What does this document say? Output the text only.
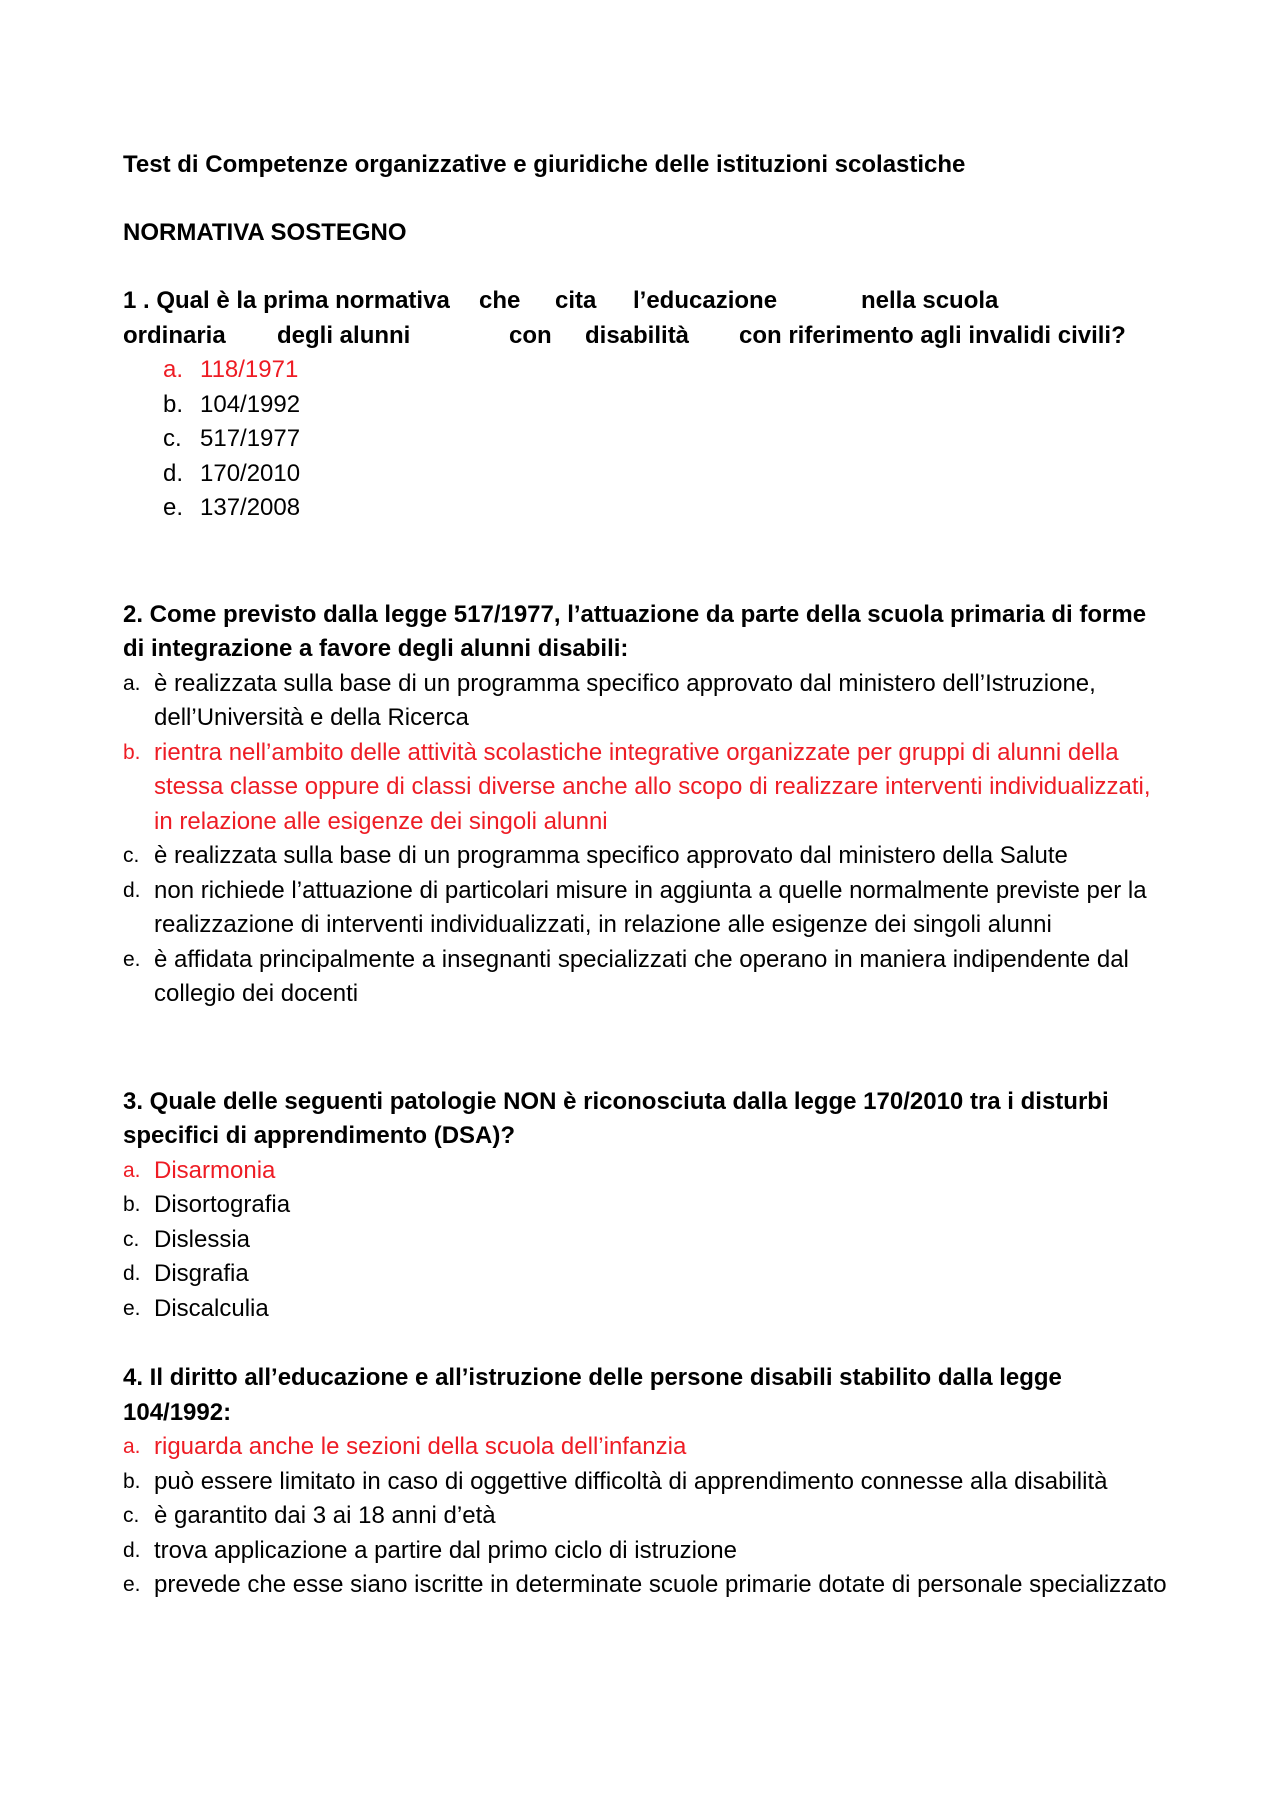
Test di Competenze organizzative e giuridiche delle istituzioni scolastiche
NORMATIVA SOSTEGNO
1 . Qual è la prima normativa	che	cita	l’educazione	nella scuola
ordinaria	degli alunni	con	disabilità	con riferimento agli invalidi civili?
a. 118/1971
b. 104/1992
c. 517/1977
d. 170/2010
e. 137/2008

2. Come previsto dalla legge 517/1977, l’attuazione da parte della scuola primaria di forme di integrazione a favore degli alunni disabili:

a. è realizzata sulla base di un programma specifico approvato dal ministero dell’Istruzione, dell’Università e della Ricerca
b. rientra nell’ambito delle attività scolastiche integrative organizzate per gruppi di alunni della stessa classe oppure di classi diverse anche allo scopo di realizzare interventi individualizzati, in relazione alle esigenze dei singoli alunni
c. è realizzata sulla base di un programma specifico approvato dal ministero della Salute
d. non richiede l’attuazione di particolari misure in aggiunta a quelle normalmente previste per la realizzazione di interventi individualizzati, in relazione alle esigenze dei singoli alunni
e. è affidata principalmente a insegnanti specializzati che operano in maniera indipendente dal collegio dei docenti

3. Quale delle seguenti patologie NON è riconosciuta dalla legge 170/2010 tra i disturbi specifici di apprendimento (DSA)?

a. Disarmonia
b. Disortografia
c. Dislessia
d. Disgrafia
e. Discalculia

4. Il diritto all’educazione e all’istruzione delle persone disabili stabilito dalla legge 104/1992:

a. riguarda anche le sezioni della scuola dell’infanzia
b. può essere limitato in caso di oggettive difficoltà di apprendimento connesse alla disabilità
c. è garantito dai 3 ai 18 anni d’età
d. trova applicazione a partire dal primo ciclo di istruzione
e. prevede che esse siano iscritte in determinate scuole primarie dotate di personale specializzato
